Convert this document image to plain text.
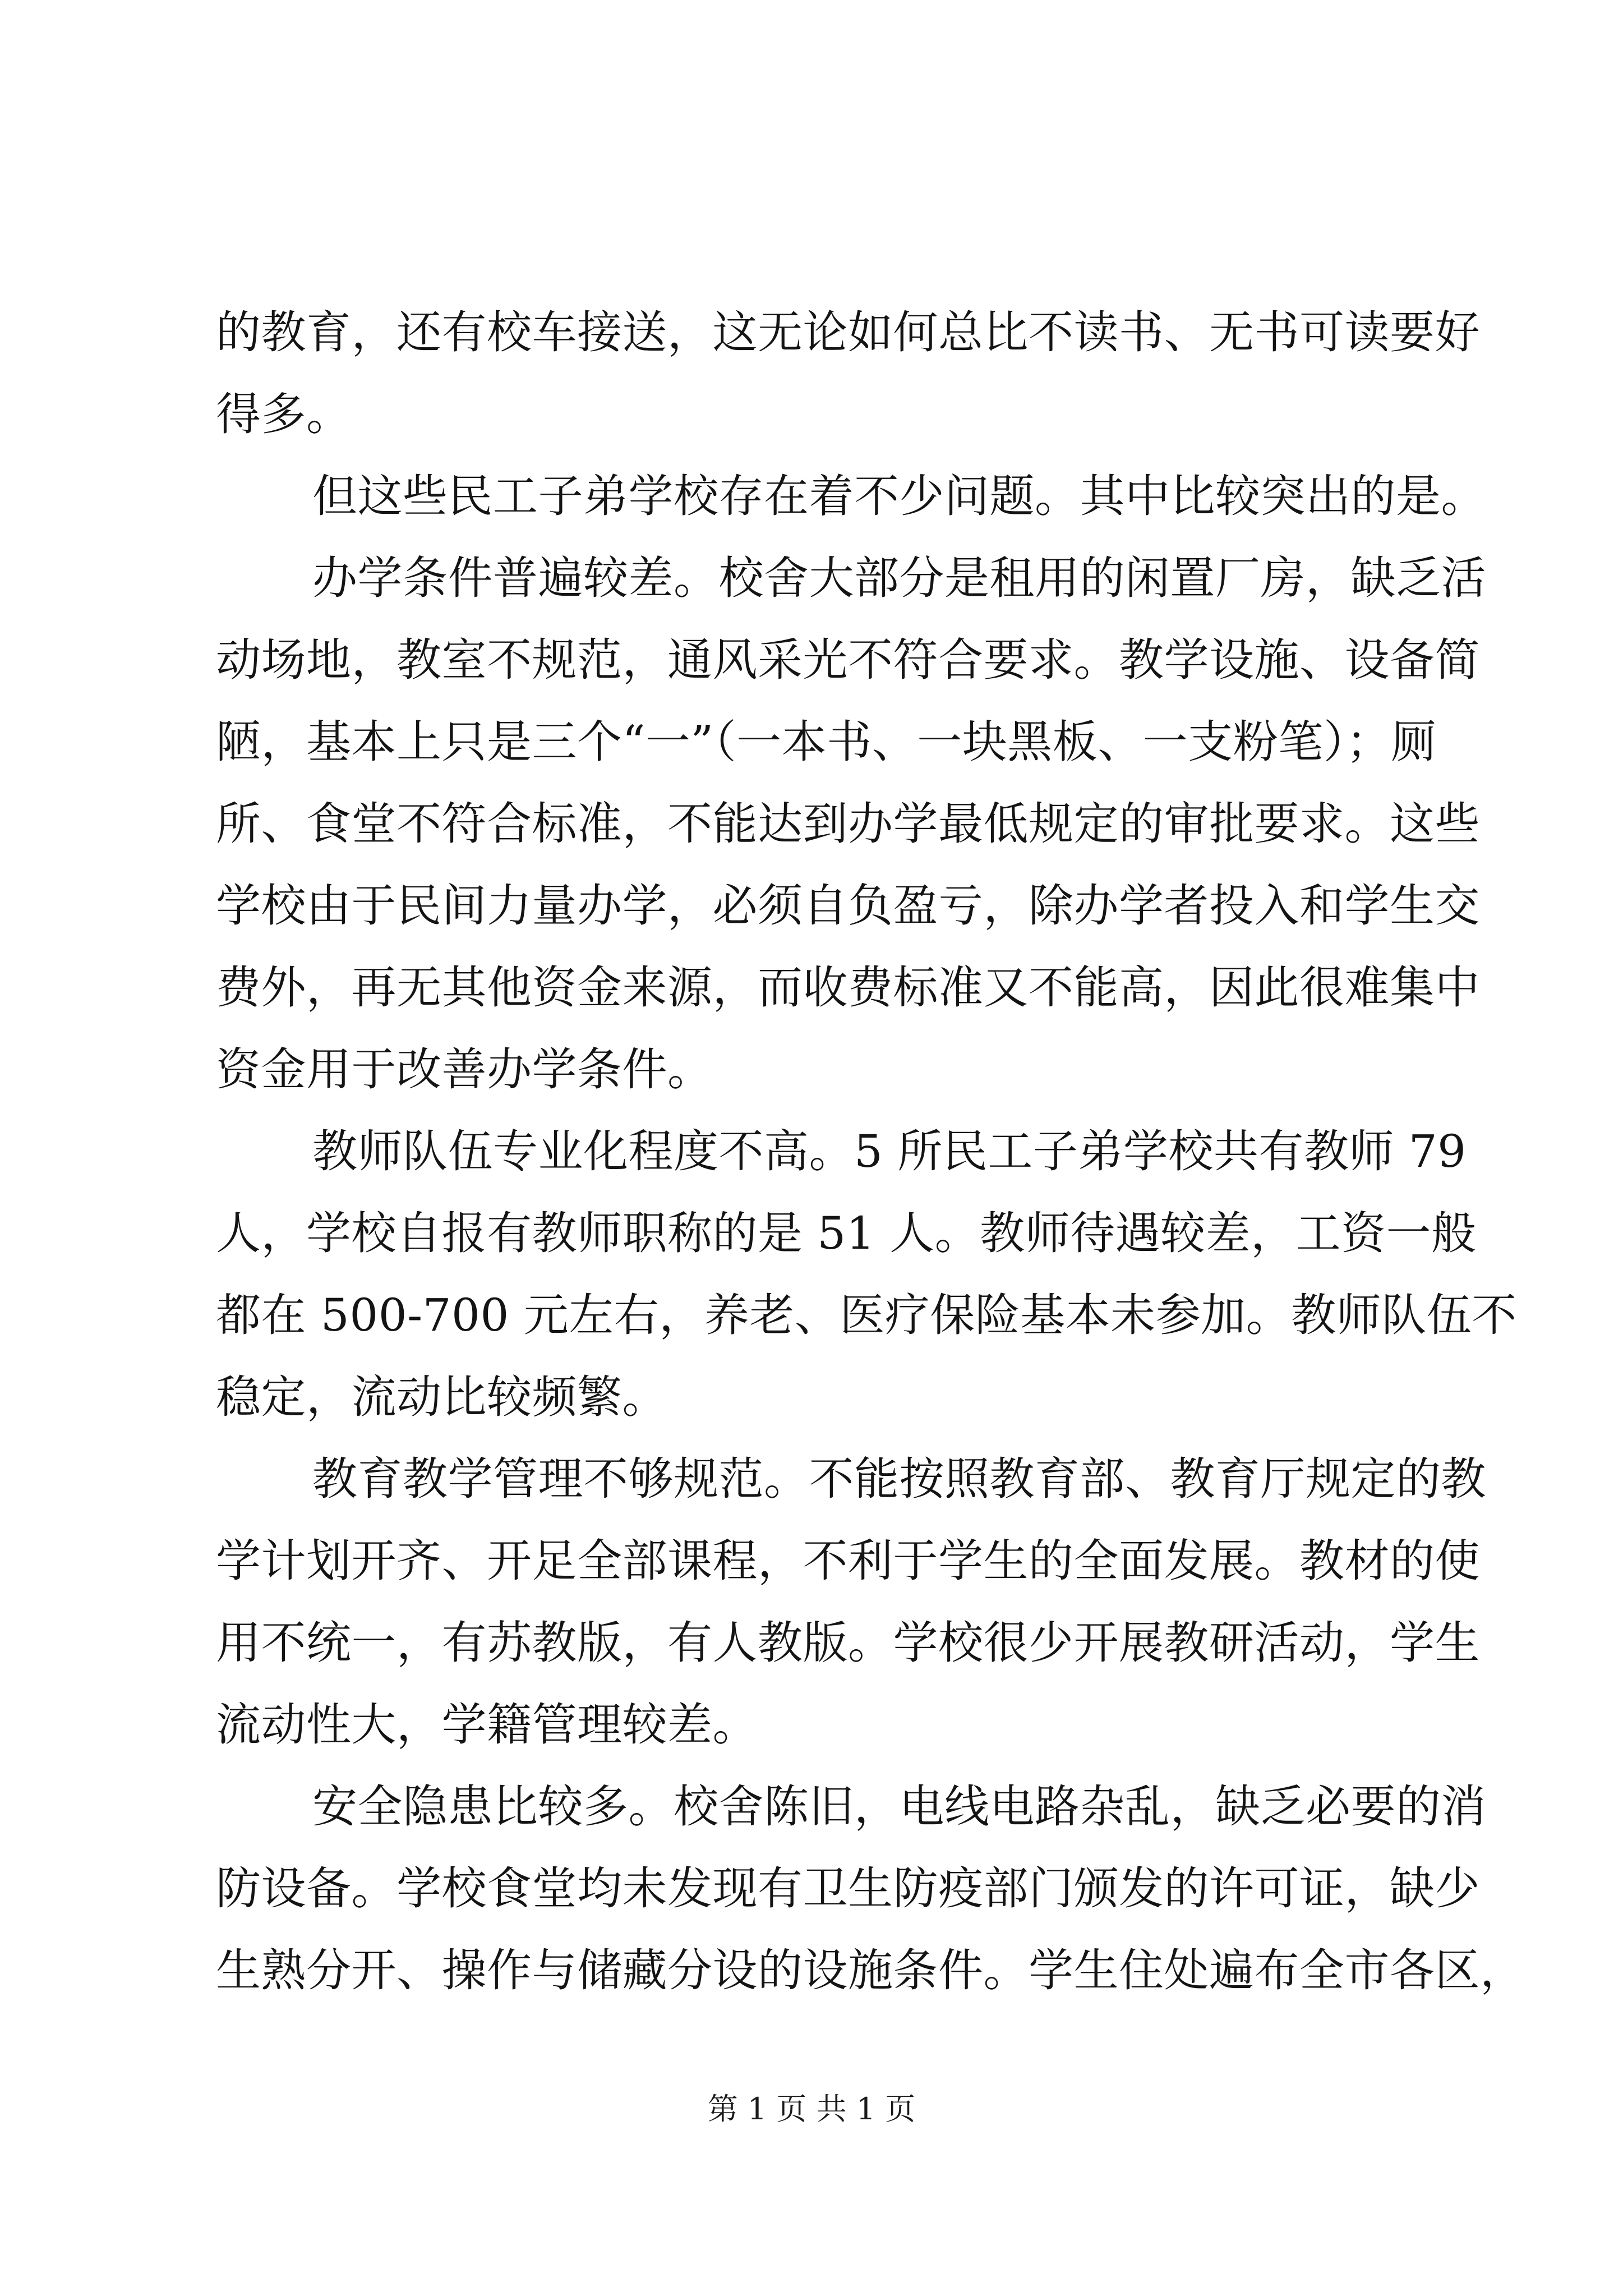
的教育，还有校车接送，这无论如何总比不读书、无书可读要好
得多。
但这些民工子弟学校存在着不少问题。其中比较突出的是。
办学条件普遍较差。校舍大部分是租用的闲置厂房，缺乏活
动场地，教室不规范，通风采光不符合要求。教学设施、设备简
陋，基本上只是三个“一”（一本书、一块黑板、一支粉笔）；厕
所、食堂不符合标准，不能达到办学最低规定的审批要求。这些
学校由于民间力量办学，必须自负盈亏，除办学者投入和学生交
费外，再无其他资金来源，而收费标准又不能高，因此很难集中
资金用于改善办学条件。
教师队伍专业化程度不高。5 所民工子弟学校共有教师 79
人，学校自报有教师职称的是 51 人。教师待遇较差，工资一般
都在 500-700 元左右，养老、医疗保险基本未参加。教师队伍不
稳定，流动比较频繁。
教育教学管理不够规范。不能按照教育部、教育厅规定的教
学计划开齐、开足全部课程，不利于学生的全面发展。教材的使
用不统一，有苏教版，有人教版。学校很少开展教研活动，学生
流动性大，学籍管理较差。
安全隐患比较多。校舍陈旧，电线电路杂乱，缺乏必要的消
防设备。学校食堂均未发现有卫生防疫部门颁发的许可证，缺少
生熟分开、操作与储藏分设的设施条件。学生住处遍布全市各区，
第 1 页 共 1 页
